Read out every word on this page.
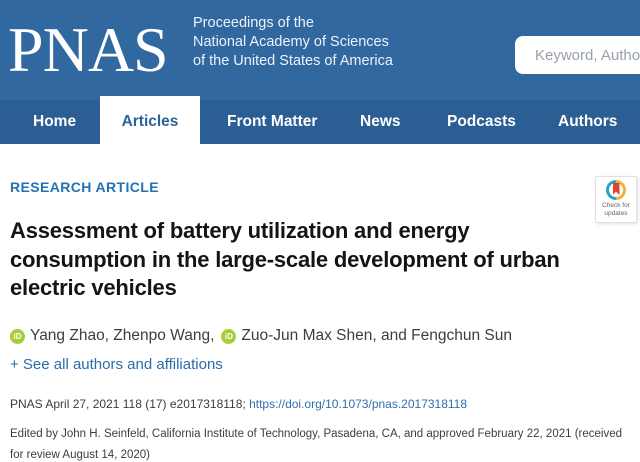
PNAS Proceedings of the
National Academy of Sciences
of the United States of America
Keyword, Author,
Home	Articles	Front Matter	News	Podcasts	Authors
RESEARCH ARTICLE
Check for updates
Assessment of battery utilization and energy
consumption in the large-scale development of urban
electric vehicles
iD Yang Zhao, Zhenpo Wang,	iD Zuo-Jun Max Shen, and Fengchun Sun
+ See all authors and affiliations
PNAS April 27, 2021 118 (17) e2017318118; https://doi.org/10.1073/pnas.2017318118
Edited by John H. Seinfeld, California Institute of Technology, Pasadena, CA, and approved February 22, 2021 (received for review August 14, 2020)
